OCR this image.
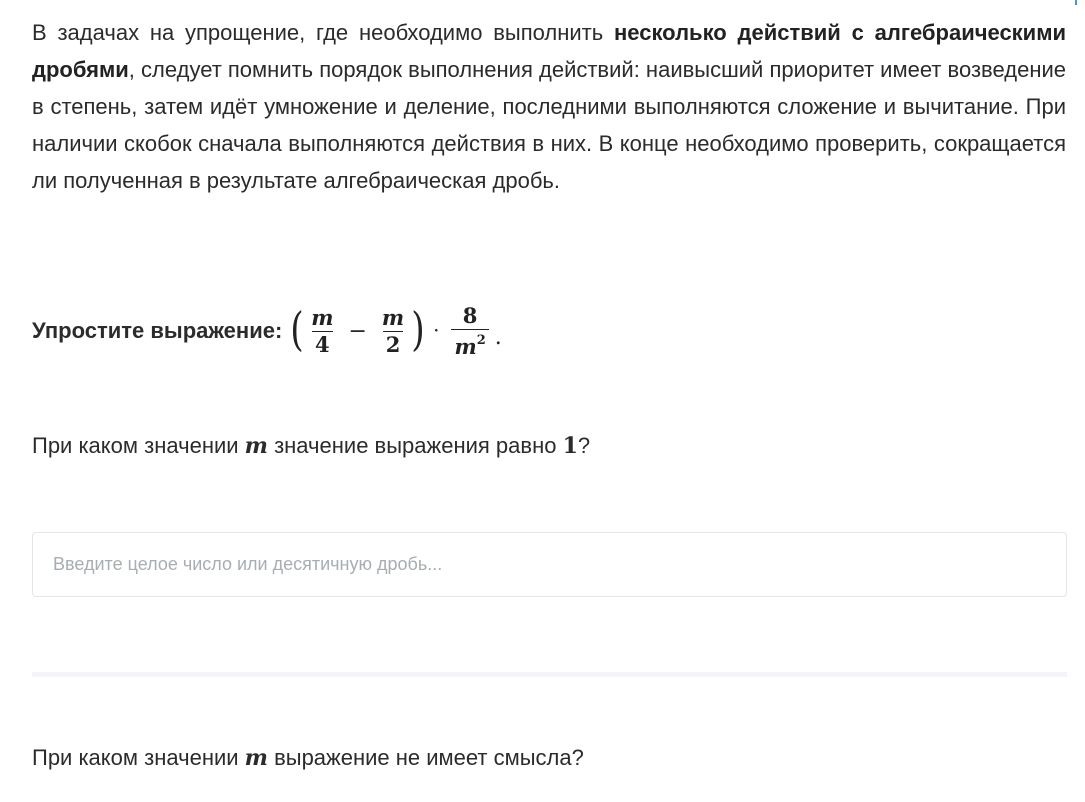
В задачах на упрощение, где необходимо выполнить несколько действий с алгебраическими дробями, следует помнить порядок выполнения действий: наивысший приоритет имеет возведение в степень, затем идёт умножение и деление, последними выполняются сложение и вычитание. При наличии скобок сначала выполняются действия в них. В конце необходимо проверить, сокращается ли полученная в результате алгебраическая дробь.

Упростите выражение: ( $\frac{m}{4} - \frac{m}{2}$ ) · $\frac{8}{m^2}$ .

При каком значении m значение выражения равно 1?

Введите целое число или десятичную дробь...

При каком значении m выражение не имеет смысла?
